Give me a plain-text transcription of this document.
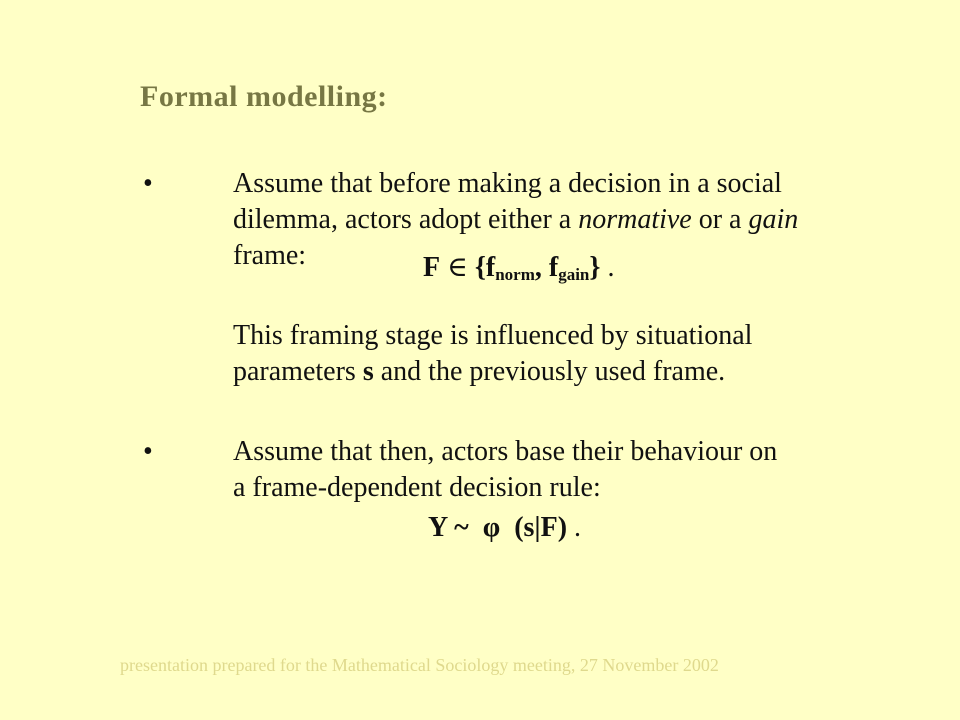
Formal modelling:
•	Assume that before making a decision in a social
dilemma, actors adopt either a normative or a gain
frame:	F ∈ {$f_{norm}$, $f_{gain}$} .
This framing stage is influenced by situational
parameters s and the previously used frame.
•	Assume that then, actors base their behaviour on
a frame-dependent decision rule:
Y ~  φ  (s|F) .
presentation prepared for the Mathematical Sociology meeting, 27 November 2002
